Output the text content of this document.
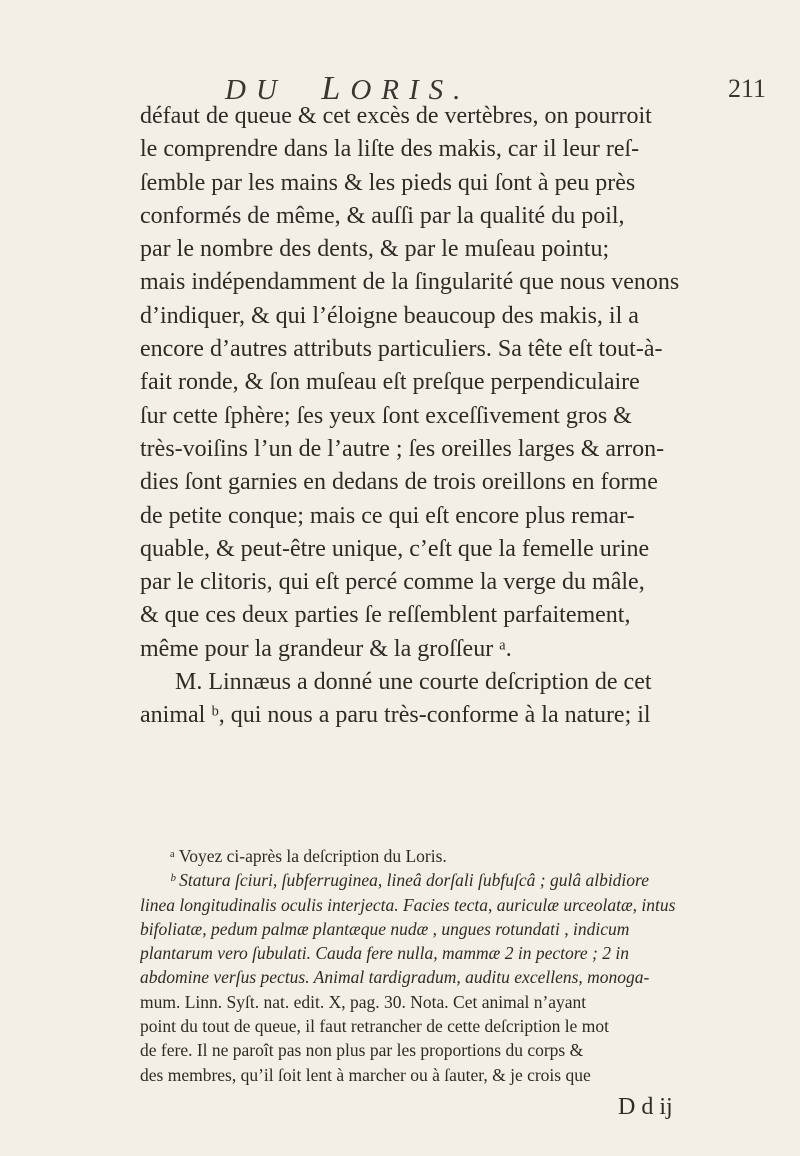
DU LORIS.	211
défaut de queue & cet excès de vertèbres, on pourroit
le comprendre dans la liſte des makis, car il leur reſ-
ſemble par les mains & les pieds qui ſont à peu près
conformés de même, & auſſi par la qualité du poil,
par le nombre des dents, & par le muſeau pointu;
mais indépendamment de la ſingularité que nous venons
d’indiquer, & qui l’éloigne beaucoup des makis, il a
encore d’autres attributs particuliers. Sa tête eſt tout-à-
fait ronde, & ſon muſeau eſt preſque perpendiculaire
ſur cette ſphère; ſes yeux ſont exceſſivement gros &
très-voiſins l’un de l’autre ; ſes oreilles larges & arron-
dies ſont garnies en dedans de trois oreillons en forme
de petite conque; mais ce qui eſt encore plus remar-
quable, & peut-être unique, c’eſt que la femelle urine
par le clitoris, qui eſt percé comme la verge du mâle,
& que ces deux parties ſe reſſemblent parfaitement,
même pour la grandeur & la groſſeur ᵃ.
M. Linnæus a donné une courte deſcription de cet
animal ᵇ, qui nous a paru très-conforme à la nature; il
ᵃ Voyez ci-après la deſcription du Loris.
ᵇ Statura ſciuri, ſubferruginea, lineâ dorſali ſubfuſcâ ; gulâ albidiore
linea longitudinalis oculis interjecta. Facies tecta, auriculæ urceolatæ, intus
bifoliatæ, pedum palmæ plantæque nudæ , ungues rotundati , indicum
plantarum vero ſubulati. Cauda fere nulla, mammæ 2 in pectore ; 2 in
abdomine verſus pectus. Animal tardigradum, auditu excellens, monoga-
mum. Linn. Syſt. nat. edit. X, pag. 30. Nota. Cet animal n’ayant
point du tout de queue, il faut retrancher de cette deſcription le mot
de fere. Il ne paroît pas non plus par les proportions du corps &
des membres, qu’il ſoit lent à marcher ou à ſauter, & je crois que
D d ij
